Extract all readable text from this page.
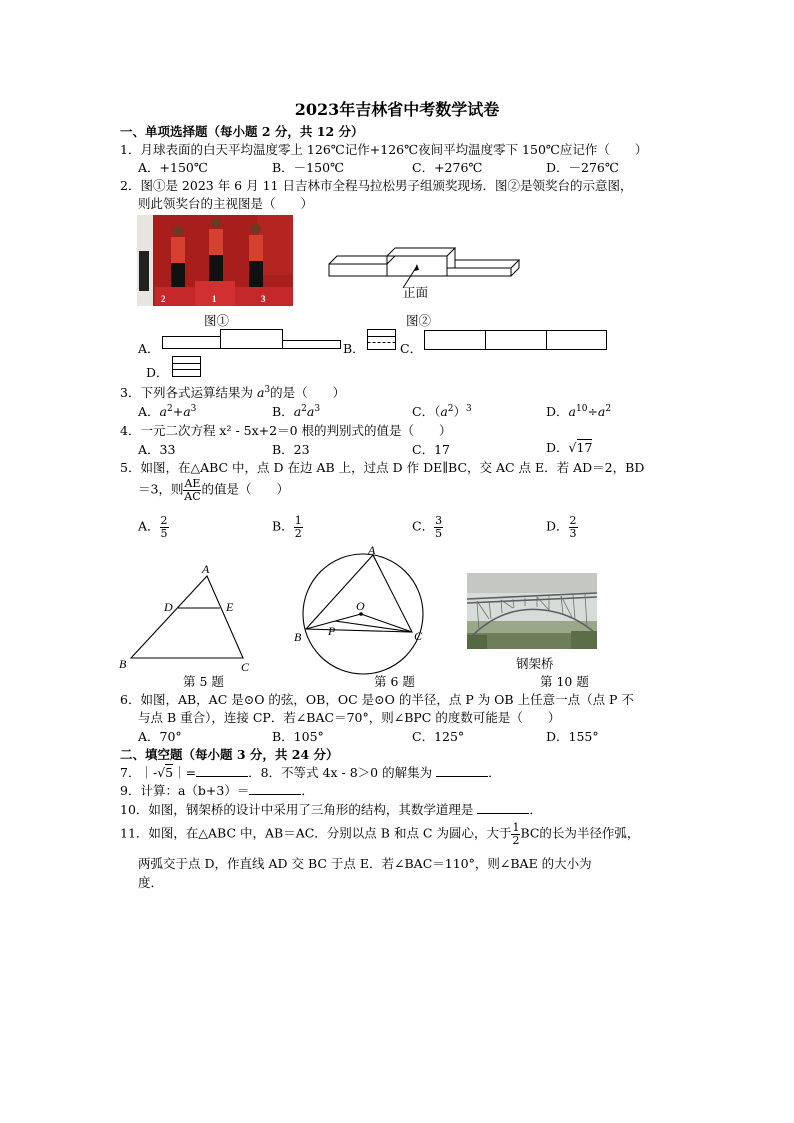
2023年吉林省中考数学试卷
一、单项选择题（每小题 2 分，共 12 分）
1．月球表面的白天平均温度零上 126℃记作+126℃夜间平均温度零下 150℃应记作（　　）
A．+150℃	B．－150℃	C．+276℃	D．－276℃
2．图①是 2023 年 6 月 11 日吉林市全程马拉松男子组颁奖现场．图②是领奖台的示意图，
则此领奖台的主视图是（　　）
2	1	3
图①
正面
图②
A．	B．	C．
D．
3．下列各式运算结果为 $a^3$的是（　　）
A．$a^2+a^3$	B．$a^2a^3$	C．$(a^2)^3$	D．$a^{10}\div a^2$
4．一元二次方程 x² - 5x+2＝0 根的判别式的值是（　　）
A．33	B．23	C．17	D．√17
5．如图，在△ABC 中，点 D 在边 AB 上，过点 D 作 DE∥BC，交 AC 点 E．若 AD＝2，BD
＝3，则 $\frac{AE}{AC}$ 的值是（　　）
A． $\frac{2}{5}$	B． $\frac{1}{2}$	C． $\frac{3}{5}$	D． $\frac{2}{3}$
A
D	E
B	C
第 5 题
A
O
P
B	C
第 6 题
钢架桥
第 10 题
6．如图，AB，AC 是⊙O 的弦，OB，OC 是⊙O 的半径，点 P 为 OB 上任意一点（点 P 不
与点 B 重合），连接 CP．若∠BAC＝70°，则∠BPC 的度数可能是（　　）
A．70°	B．105°	C．125°	D．155°
二、填空题（每小题 3 分，共 24 分）
7．｜-√5｜=	．8．不等式 4x - 8＞0 的解集为	．
9．计算：a（b+3）＝	．
10．如图，钢架桥的设计中采用了三角形的结构，其数学道理是	．
11．如图，在△ABC 中，AB＝AC．分别以点 B 和点 C 为圆心，大于 $\frac{1}{2}$ BC的长为半径作弧，
两弧交于点 D，作直线 AD 交 BC 于点 E．若∠BAC＝110°，则∠BAE 的大小为
度．
